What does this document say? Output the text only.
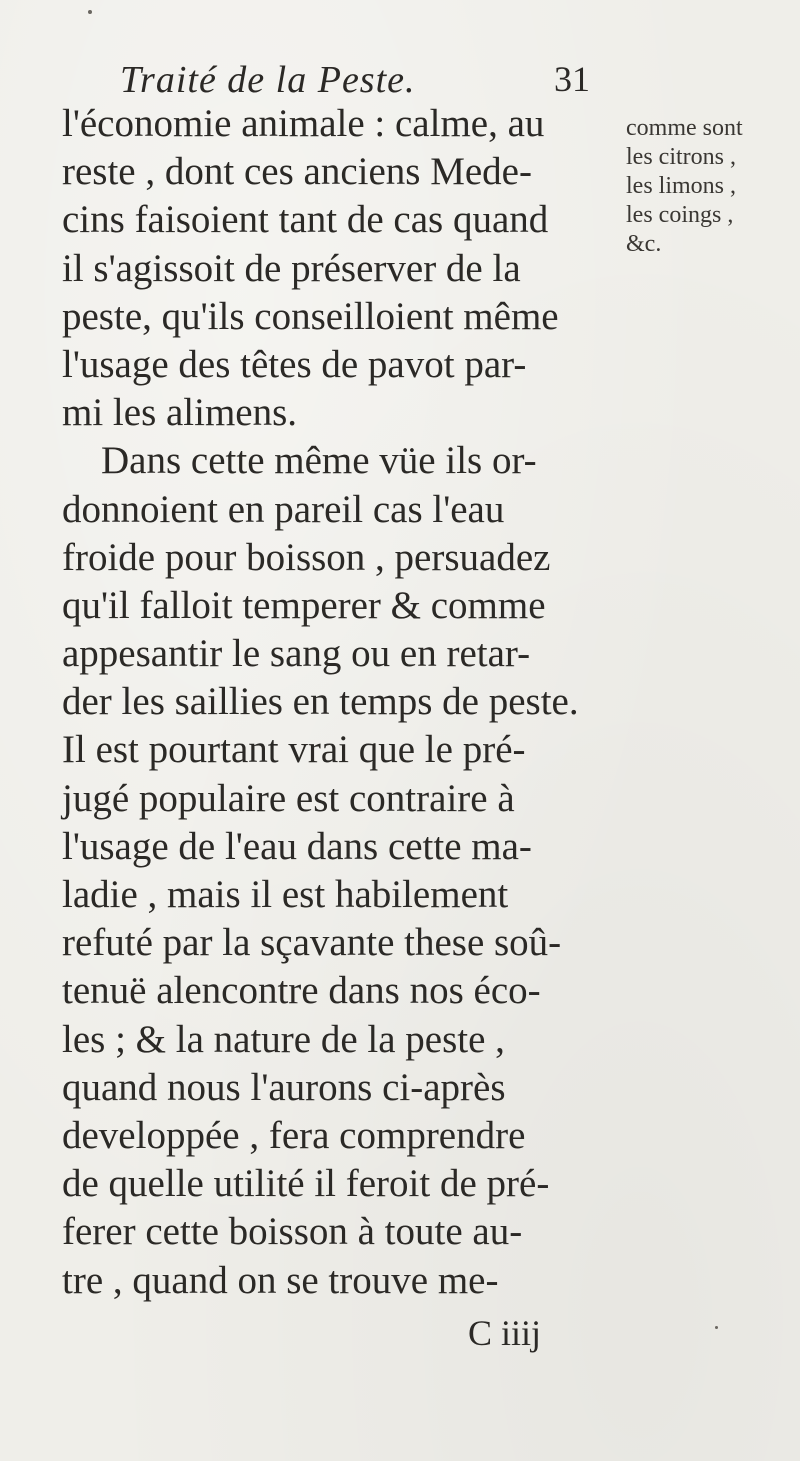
Traité de la Peste.	31
l'économie animale : calme, au
reste , dont ces anciens Mede-
cins faisoient tant de cas quand
il s'agissoit de préserver de la
peste, qu'ils conseilloient même
l'usage des têtes de pavot par-
mi les alimens.
Dans cette même vüe ils or-
donnoient en pareil cas l'eau
froide pour boisson , persuadez
qu'il falloit temperer & comme
appesantir le sang ou en retar-
der les saillies en temps de peste.
Il est pourtant vrai que le pré-
jugé populaire est contraire à
l'usage de l'eau dans cette ma-
ladie , mais il est habilement
refuté par la sçavante these soû-
tenuë alencontre dans nos éco-
les ; & la nature de la peste ,
quand nous l'aurons ci-après
developpée , fera comprendre
de quelle utilité il feroit de pré-
ferer cette boisson à toute au-
tre , quand on se trouve me-
comme sont
les citrons ,
les limons ,
les coings ,
&c.
C iiij
